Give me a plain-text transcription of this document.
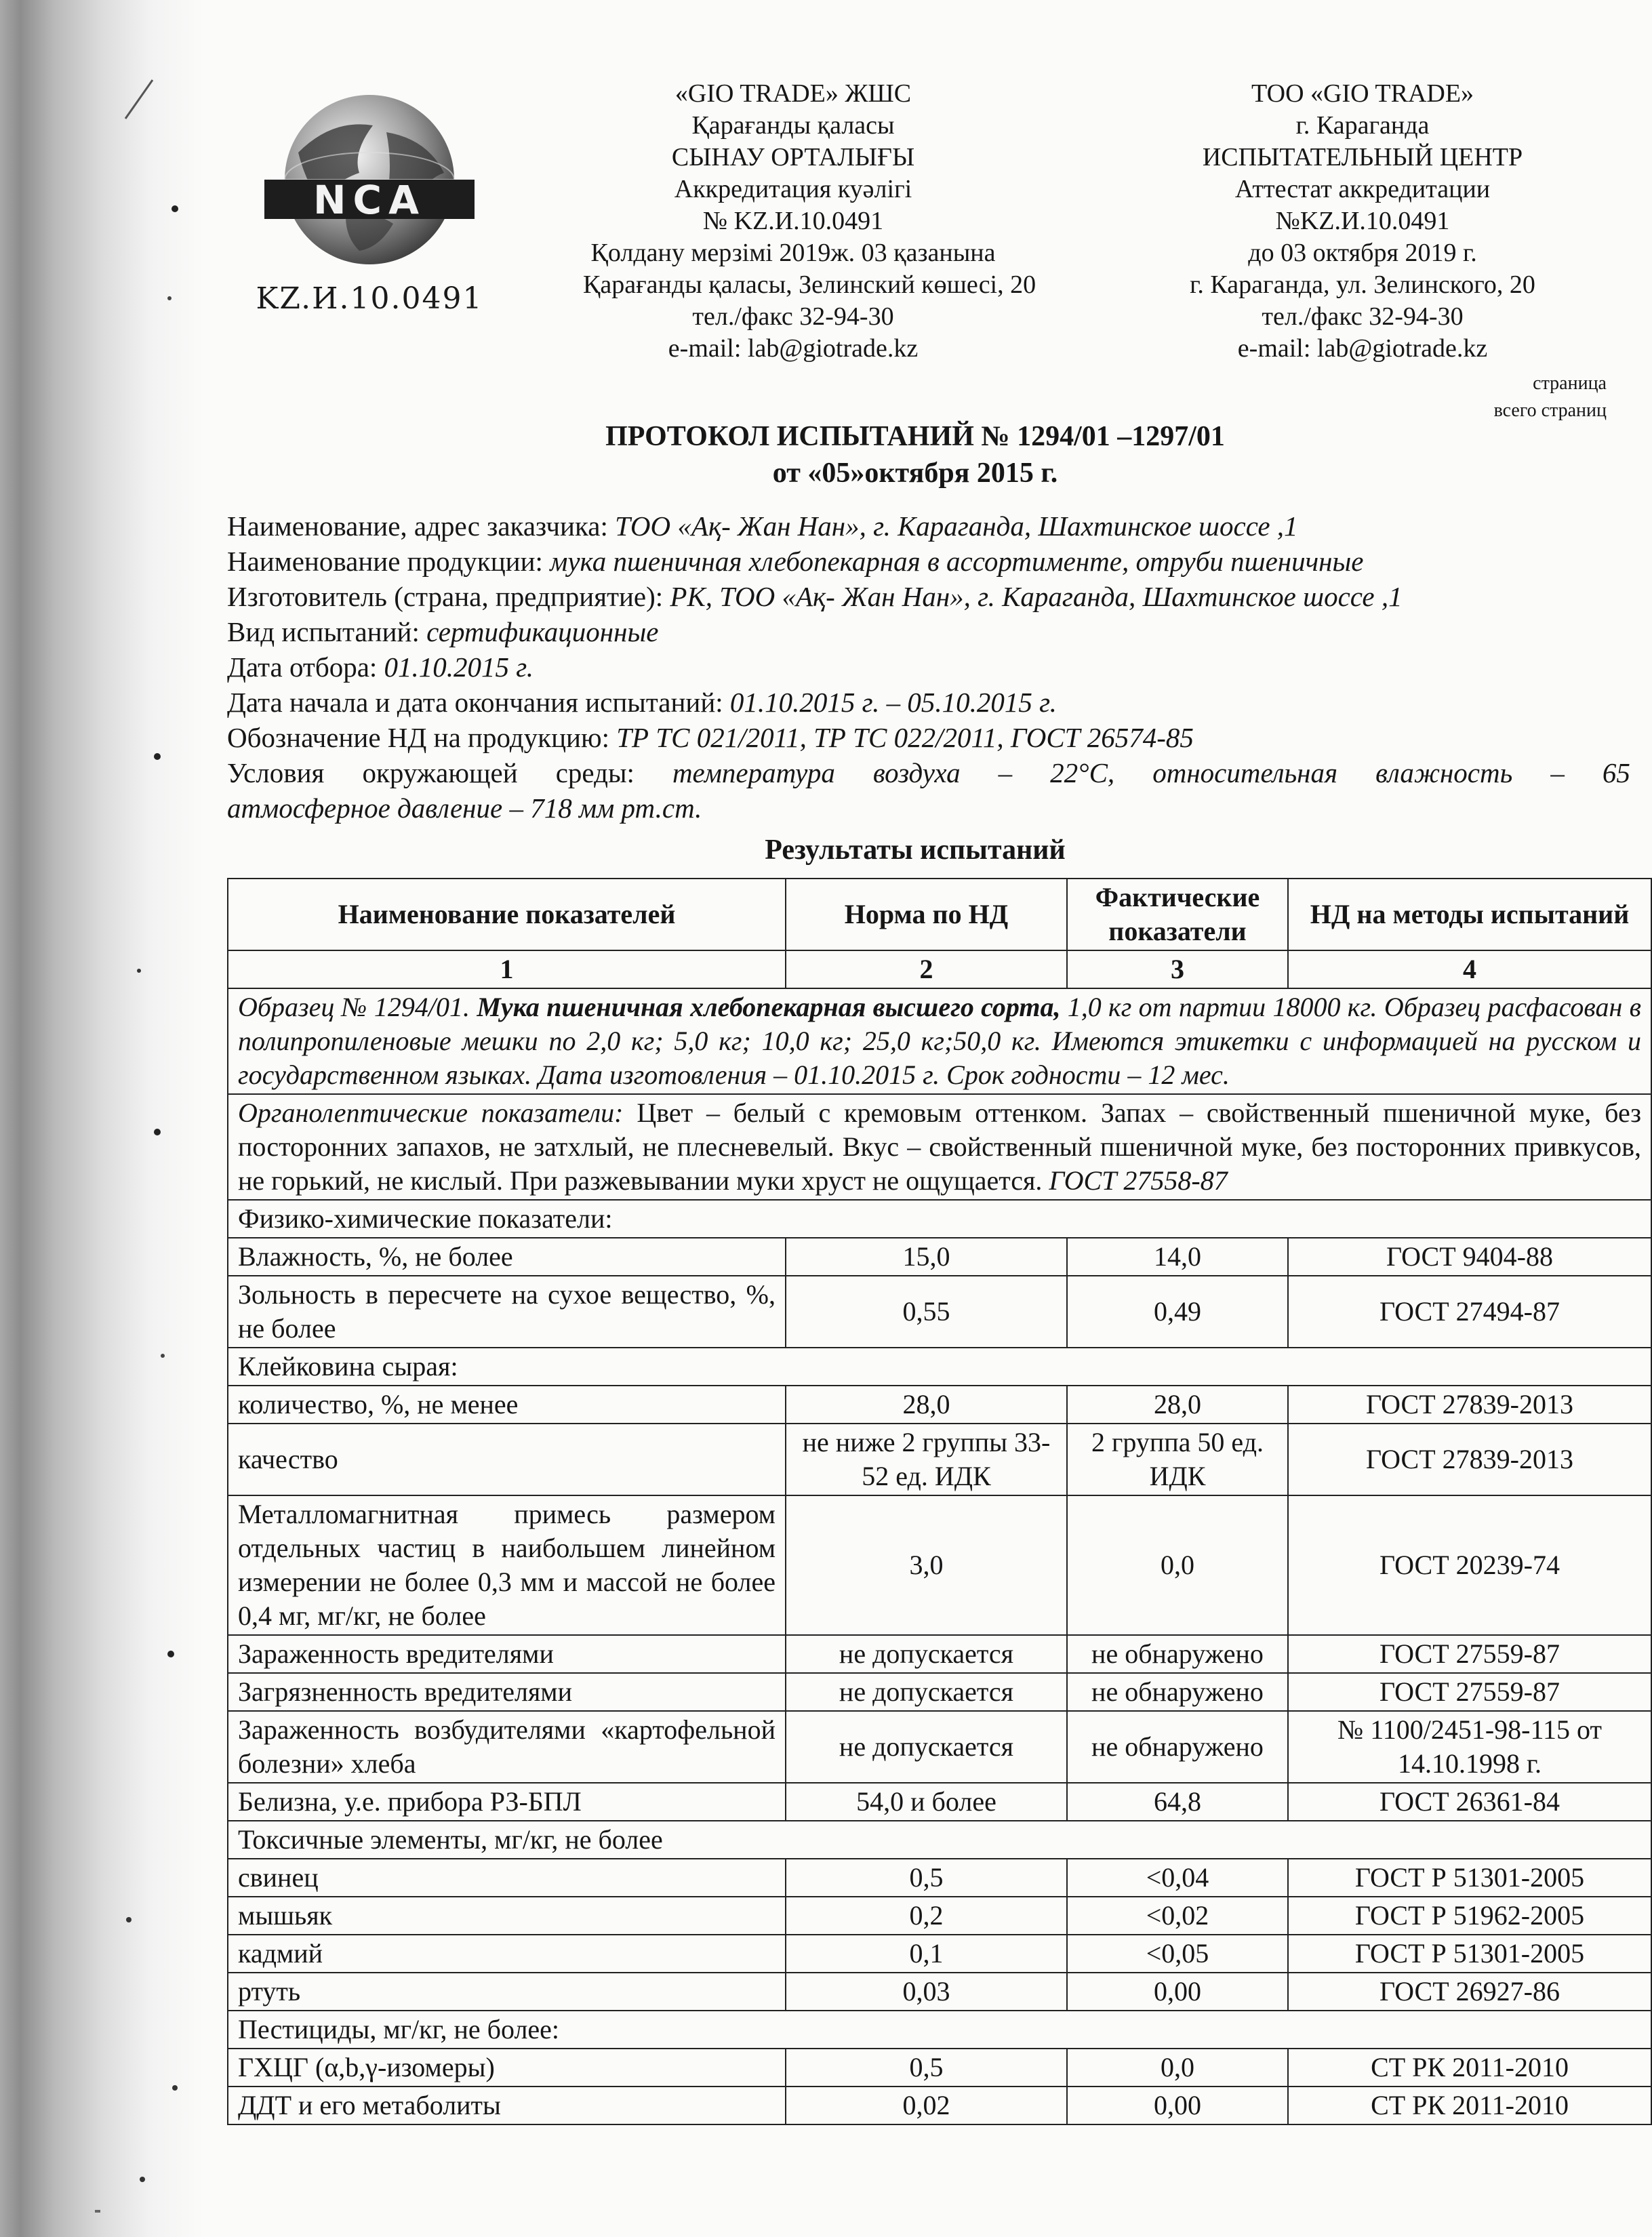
NCA
KZ.И.10.0491
«GIO TRADE» ЖШС
Қарағанды қаласы
СЫНАУ ОРТАЛЫҒЫ
Аккредитация куәлігі
№ KZ.И.10.0491
Қолдану мерзімі 2019ж. 03 қазанына
Қарағанды қаласы, Зелинский көшесі, 20
тел./факс 32-94-30
e-mail: lab@giotrade.kz
ТОО «GIO TRADE»
г. Караганда
ИСПЫТАТЕЛЬНЫЙ ЦЕНТР
Аттестат аккредитации
№KZ.И.10.0491
до 03 октября 2019 г.
г. Караганда, ул. Зелинского, 20
тел./факс 32-94-30
e-mail: lab@giotrade.kz
страница
всего страниц
ПРОТОКОЛ ИСПЫТАНИЙ № 1294/01 –1297/01
от «05»октября 2015 г.
Наименование, адрес заказчика: ТОО «Ақ- Жан Нан», г. Караганда, Шахтинское шоссе ,1
Наименование продукции: мука пшеничная хлебопекарная в ассортименте, отруби пшеничные
Изготовитель (страна, предприятие): РК, ТОО «Ақ- Жан Нан», г. Караганда, Шахтинское шоссе ,1
Вид испытаний: сертификационные
Дата отбора: 01.10.2015 г.
Дата начала и дата окончания испытаний: 01.10.2015 г. – 05.10.2015 г.
Обозначение НД на продукцию: ТР ТС 021/2011, ТР ТС 022/2011, ГОСТ 26574-85
Условия окружающей среды: температура воздуха – 22°С, относительная влажность – 65
атмосферное давление – 718 мм рт.ст.
Результаты испытаний
Наименование показателей	Норма по НД	Фактические показатели	НД на методы испытаний
1	2	3	4
Образец № 1294/01. Мука пшеничная хлебопекарная высшего сорта, 1,0 кг от партии 18000 кг. Образец расфасован в полипропиленовые мешки по 2,0 кг; 5,0 кг; 10,0 кг; 25,0 кг;50,0 кг. Имеются этикетки с информацией на русском и государственном языках. Дата изготовления – 01.10.2015 г. Срок годности – 12 мес.			
Органолептические показатели: Цвет – белый с кремовым оттенком. Запах – свойственный пшеничной муке, без посторонних запахов, не затхлый, не плесневелый. Вкус – свойственный пшеничной муке, без посторонних привкусов, не горький, не кислый. При разжевывании муки хруст не ощущается. ГОСТ 27558-87			
Физико-химические показатели:			
Влажность, %, не более	15,0	14,0	ГОСТ 9404-88
Зольность в пересчете на сухое вещество, %, не более	0,55	0,49	ГОСТ 27494-87
Клейковина сырая:			
количество, %, не менее	28,0	28,0	ГОСТ 27839-2013
качество	не ниже 2 группы 33-52 ед. ИДК	2 группа 50 ед. ИДК	ГОСТ 27839-2013
Металломагнитная примесь размером отдельных частиц в наибольшем линейном измерении не более 0,3 мм и массой не более 0,4 мг, мг/кг, не более	3,0	0,0	ГОСТ 20239-74
Зараженность вредителями	не допускается	не обнаружено	ГОСТ 27559-87
Загрязненность вредителями	не допускается	не обнаружено	ГОСТ 27559-87
Зараженность возбудителями «картофельной болезни» хлеба	не допускается	не обнаружено	№ 1100/2451-98-115 от 14.10.1998 г.
Белизна, у.е. прибора РЗ-БПЛ	54,0 и более	64,8	ГОСТ 26361-84
Токсичные элементы, мг/кг, не более			
свинец	0,5	<0,04	ГОСТ Р 51301-2005
мышьяк	0,2	<0,02	ГОСТ Р 51962-2005
кадмий	0,1	<0,05	ГОСТ Р 51301-2005
ртуть	0,03	0,00	ГОСТ 26927-86
Пестициды, мг/кг, не более:			
ГХЦГ (α,b,γ-изомеры)	0,5	0,0	СТ РК 2011-2010
ДДТ и его метаболиты	0,02	0,00	СТ РК 2011-2010
